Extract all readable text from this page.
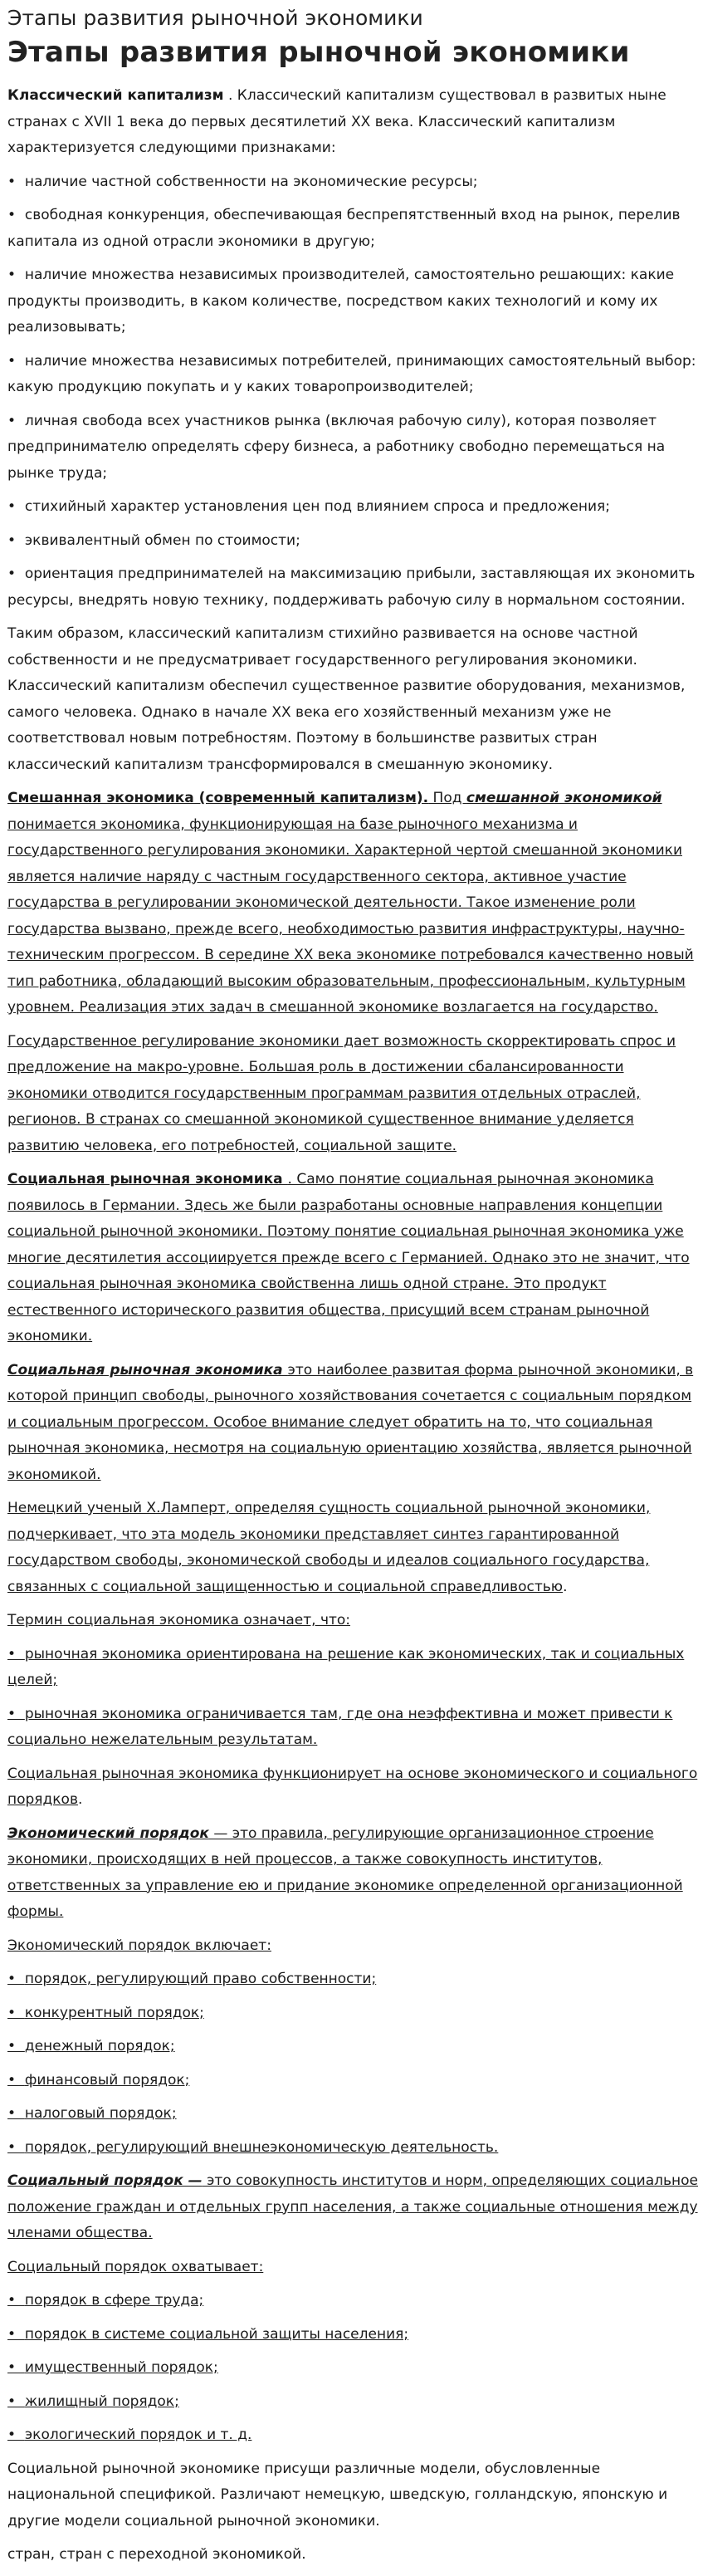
Этапы развития рыночной экономики
Этапы развития рыночной экономики

Классический капитализм . Классический капитализм существовал в развитых ныне странах с XVII 1 века до первых десятилетий XX века. Классический капитализм характеризуется следующими признаками:

•  наличие частной собственности на экономические ресурсы;

•  свободная конкуренция, обеспечивающая беспрепятственный вход на рынок, перелив капитала из одной отрасли экономики в другую;

•  наличие множества независимых производителей, самостоятельно решающих: какие продукты производить, в каком количестве, посредством каких технологий и кому их реализовывать;

•  наличие множества независимых потребителей, принимающих самостоятельный выбор: какую продукцию покупать и у каких товаропроизводителей;

•  личная свобода всех участников рынка (включая рабочую силу), которая позволяет предпринимателю определять сферу бизнеса, а работнику свободно перемещаться на рынке труда;

•  стихийный характер установления цен под влиянием спроса и предложения;

•  эквивалентный обмен по стоимости;

•  ориентация предпринимателей на максимизацию прибыли, заставляющая их экономить ресурсы, внедрять новую технику, поддерживать рабочую силу в нормальном состоянии.

Таким образом, классический капитализм стихийно развивается на основе частной собственности и не предусматривает государственного регулирования экономики. Классический капитализм обеспечил существенное развитие оборудования, механизмов, самого человека. Однако в начале XX века его хозяйственный механизм уже не соответствовал новым потребностям. Поэтому в большинстве развитых стран классический капитализм трансформировался в смешанную экономику.

Смешанная экономика (современный капитализм). Под смешанной экономикой понимается экономика, функционирующая на базе рыночного механизма и государственного регулирования экономики. Характерной чертой смешанной экономики является наличие наряду с частным государственного сектора, активное участие государства в регулировании экономической деятельности. Такое изменение роли государства вызвано, прежде всего, необходимостью развития инфраструктуры, научно-техническим прогрессом. В середине XX века экономике потребовался качественно новый тип работника, обладающий высоким образовательным, профессиональным, культурным уровнем. Реализация этих задач в смешанной экономике возлагается на государство.

Государственное регулирование экономики дает возможность скорректировать спрос и предложение на макро-уровне. Большая роль в достижении сбалансированности экономики отводится государственным программам развития отдельных отраслей, регионов. В странах со смешанной экономикой существенное внимание уделяется развитию человека, его потребностей, социальной защите.

Социальная рыночная экономика . Само понятие социальная рыночная экономика появилось в Германии. Здесь же были разработаны основные направления концепции социальной рыночной экономики. Поэтому понятие социальная рыночная экономика уже многие десятилетия ассоциируется прежде всего с Германией. Однако это не значит, что социальная рыночная экономика свойственна лишь одной стране. Это продукт естественного исторического развития общества, присущий всем странам рыночной экономики.

Социальная рыночная экономика это наиболее развитая форма рыночной экономики, в которой принцип свободы, рыночного хозяйствования сочетается с социальным порядком и социальным прогрессом. Особое внимание следует обратить на то, что социальная рыночная экономика, несмотря на социальную ориентацию хозяйства, является рыночной экономикой.

Немецкий ученый Х.Ламперт, определяя сущность социальной рыночной экономики, подчеркивает, что эта модель экономики представляет синтез гарантированной государством свободы, экономической свободы и идеалов социального государства, связанных с социальной защищенностью и социальной справедливостью.

Термин социальная экономика означает, что:

•  рыночная экономика ориентирована на решение как экономических, так и социальных целей;

•  рыночная экономика ограничивается там, где она неэффективна и может привести к социально нежелательным результатам.

Социальная рыночная экономика функционирует на основе экономического и социального порядков.

Экономический порядок — это правила, регулирующие организационное строение экономики, происходящих в ней процессов, а также совокупность институтов, ответственных за управление ею и придание экономике определенной организационной формы.

Экономический порядок включает:

•  порядок, регулирующий право собственности;

•  конкурентный порядок;

•  денежный порядок;

•  финансовый порядок;

•  налоговый порядок;

•  порядок, регулирующий внешнеэкономическую деятельность.

Социальный порядок — это совокупность институтов и норм, определяющих социальное положение граждан и отдельных групп населения, а также социальные отношения между членами общества.

Социальный порядок охватывает:

•  порядок в сфере труда;

•  порядок в системе социальной защиты населения;

•  имущественный порядок;

•  жилищный порядок;

•  экологический порядок и т. д.

Социальной рыночной экономике присущи различные модели, обусловленные национальной спецификой. Различают немецкую, шведскую, голландскую, японскую и другие модели социальной рыночной экономики.

стран, стран с переходной экономикой.
